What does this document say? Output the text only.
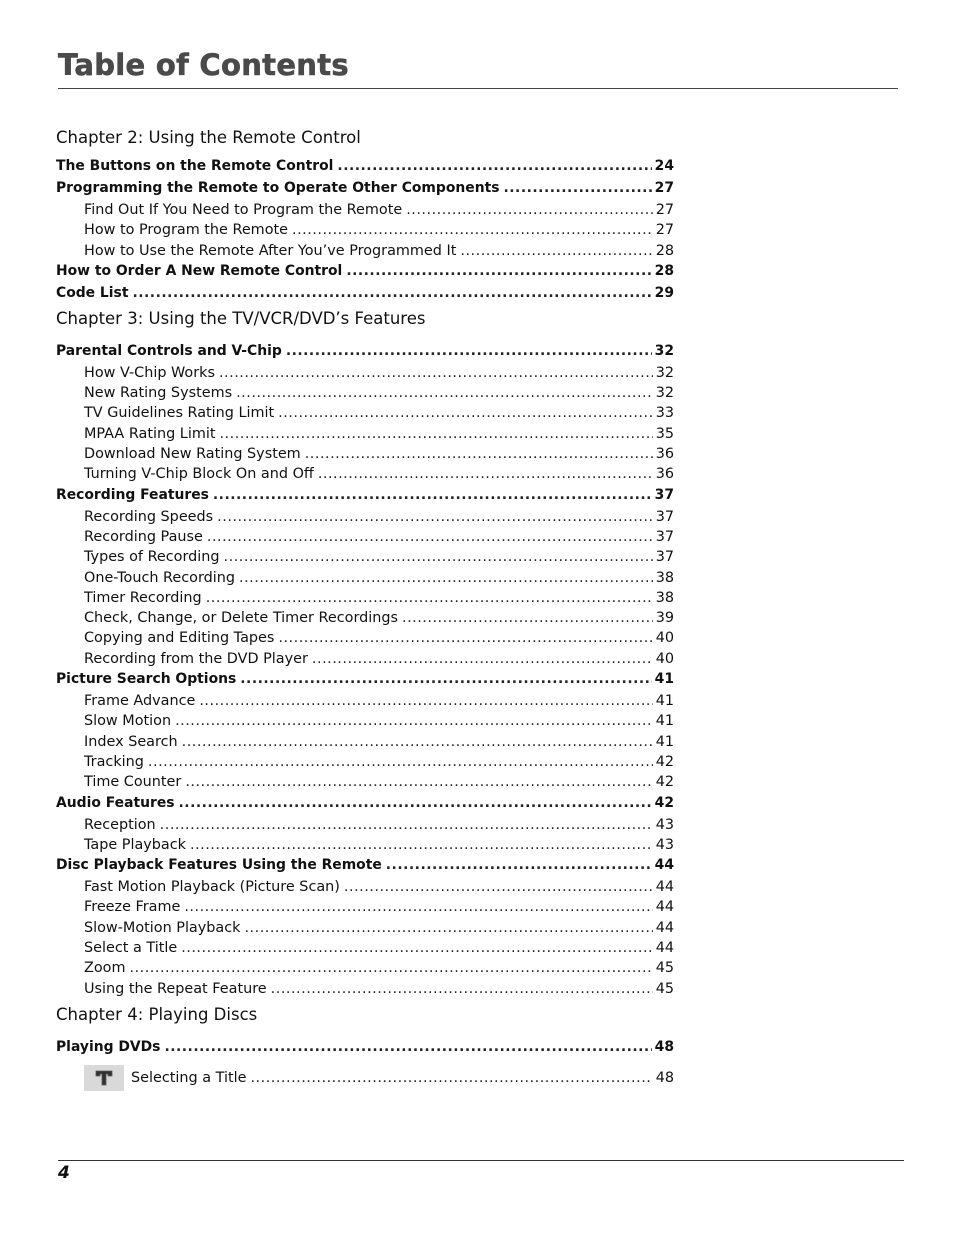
Table of Contents
Chapter 2: Using the Remote Control
The Buttons on the Remote Control .....	24
Programming the Remote to Operate Other Components .....	27
Find Out If You Need to Program the Remote .....	27
How to Program the Remote .....	27
How to Use the Remote After You’ve Programmed It .....	28
How to Order A New Remote Control .....	28
Code List .....	29
Chapter 3: Using the TV/VCR/DVD’s Features
Parental Controls and V-Chip .....	32
How V-Chip Works .....	32
New Rating Systems .....	32
TV Guidelines Rating Limit .....	33
MPAA Rating Limit .....	35
Download New Rating System .....	36
Turning V-Chip Block On and Off .....	36
Recording Features .....	37
Recording Speeds .....	37
Recording Pause .....	37
Types of Recording .....	37
One-Touch Recording .....	38
Timer Recording .....	38
Check, Change, or Delete Timer Recordings .....	39
Copying and Editing Tapes .....	40
Recording from the DVD Player .....	40
Picture Search Options .....	41
Frame Advance .....	41
Slow Motion .....	41
Index Search .....	41
Tracking .....	42
Time Counter .....	42
Audio Features .....	42
Reception .....	43
Tape Playback .....	43
Disc Playback Features Using the Remote .....	44
Fast Motion Playback (Picture Scan) .....	44
Freeze Frame .....	44
Slow-Motion Playback .....	44
Select a Title .....	44
Zoom .....	45
Using the Repeat Feature .....	45
Chapter 4: Playing Discs
Playing DVDs .....	48
Selecting a Title .....	48
4
